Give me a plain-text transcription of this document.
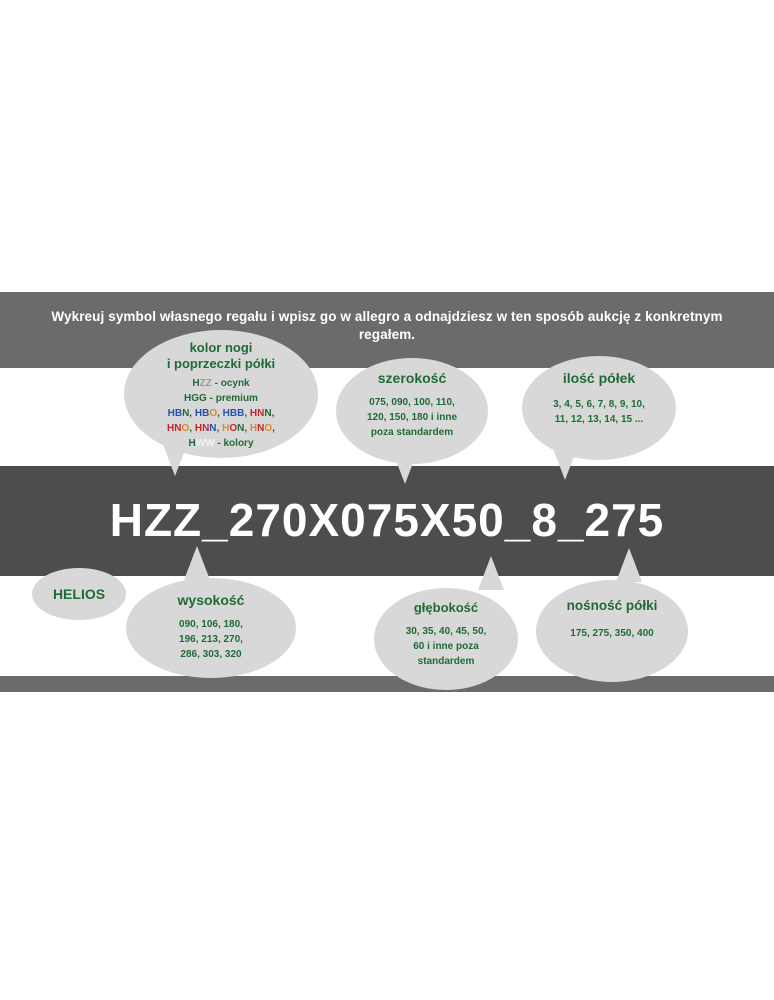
Wykreuj symbol własnego regału i wpisz go w allegro a odnajdziesz w ten sposób aukcję z konkretnym regałem.
HZZ_270X075X50_8_275
kolor nogi
i poprzeczki półki
HZZ - ocynk
HGG - premium
HBN, HBO, HBB, HNN,
HNO, HNN, HON, HNO,
HWW - kolory
szerokość
075, 090, 100, 110,
120, 150, 180 i inne
poza standardem
ilość półek
3, 4, 5, 6, 7, 8, 9, 10,
11, 12, 13, 14, 15 ...
HELIOS	wysokość
090, 106, 180,
196, 213, 270,
286, 303, 320
głębokość
30, 35, 40, 45, 50,
60 i inne poza
standardem
nośność półki
175, 275, 350, 400
